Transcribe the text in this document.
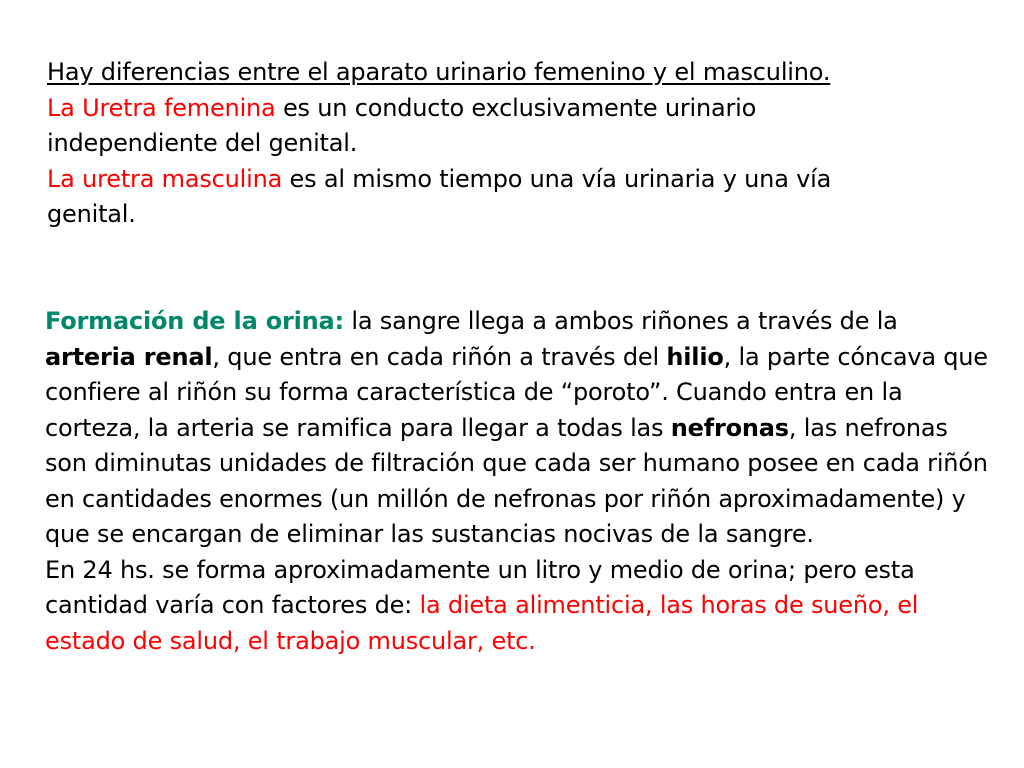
Hay diferencias entre el aparato urinario femenino y el masculino.
La Uretra femenina es un conducto exclusivamente urinario independiente del genital.
La uretra masculina es al mismo tiempo una vía urinaria y una vía genital.
Formación de la orina: la sangre llega a ambos riñones a través de la arteria renal, que entra en cada riñón a través del hilio, la parte cóncava que confiere al riñón su forma característica de “poroto”. Cuando entra en la corteza, la arteria se ramifica para llegar a todas las nefronas, las nefronas son diminutas unidades de filtración que cada ser humano posee en cada riñón en cantidades enormes (un millón de nefronas por riñón aproximadamente) y que se encargan de eliminar las sustancias nocivas de la sangre.
En 24 hs. se forma aproximadamente un litro y medio de orina; pero esta cantidad varía con factores de: la dieta alimenticia, las horas de sueño, el estado de salud, el trabajo muscular, etc.
